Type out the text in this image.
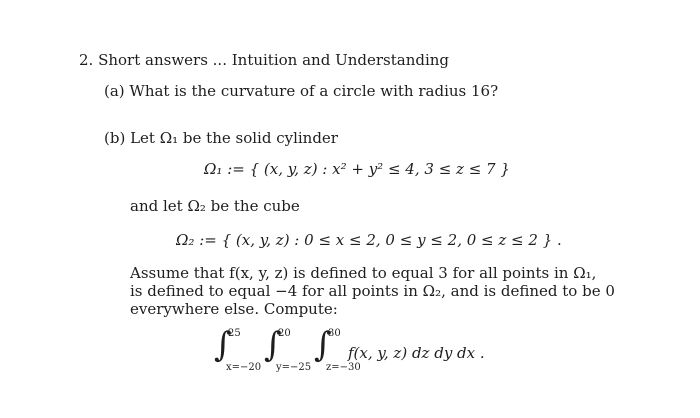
2. Short answers ... Intuition and Understanding
(a) What is the curvature of a circle with radius 16?
(b) Let Ω₁ be the solid cylinder
Ω₁ := { (x, y, z) : x² + y² ≤ 4, 3 ≤ z ≤ 7 }
and let Ω₂ be the cube
Ω₂ := { (x, y, z) : 0 ≤ x ≤ 2, 0 ≤ y ≤ 2, 0 ≤ z ≤ 2 } .
Assume that f(x, y, z) is defined to equal 3 for all points in Ω₁,
is defined to equal −4 for all points in Ω₂, and is defined to be 0
everywhere else. Compute:
∫
25
x=−20
∫
20
y=−25
∫
30
z=−30
f(x, y, z) dz dy dx .
